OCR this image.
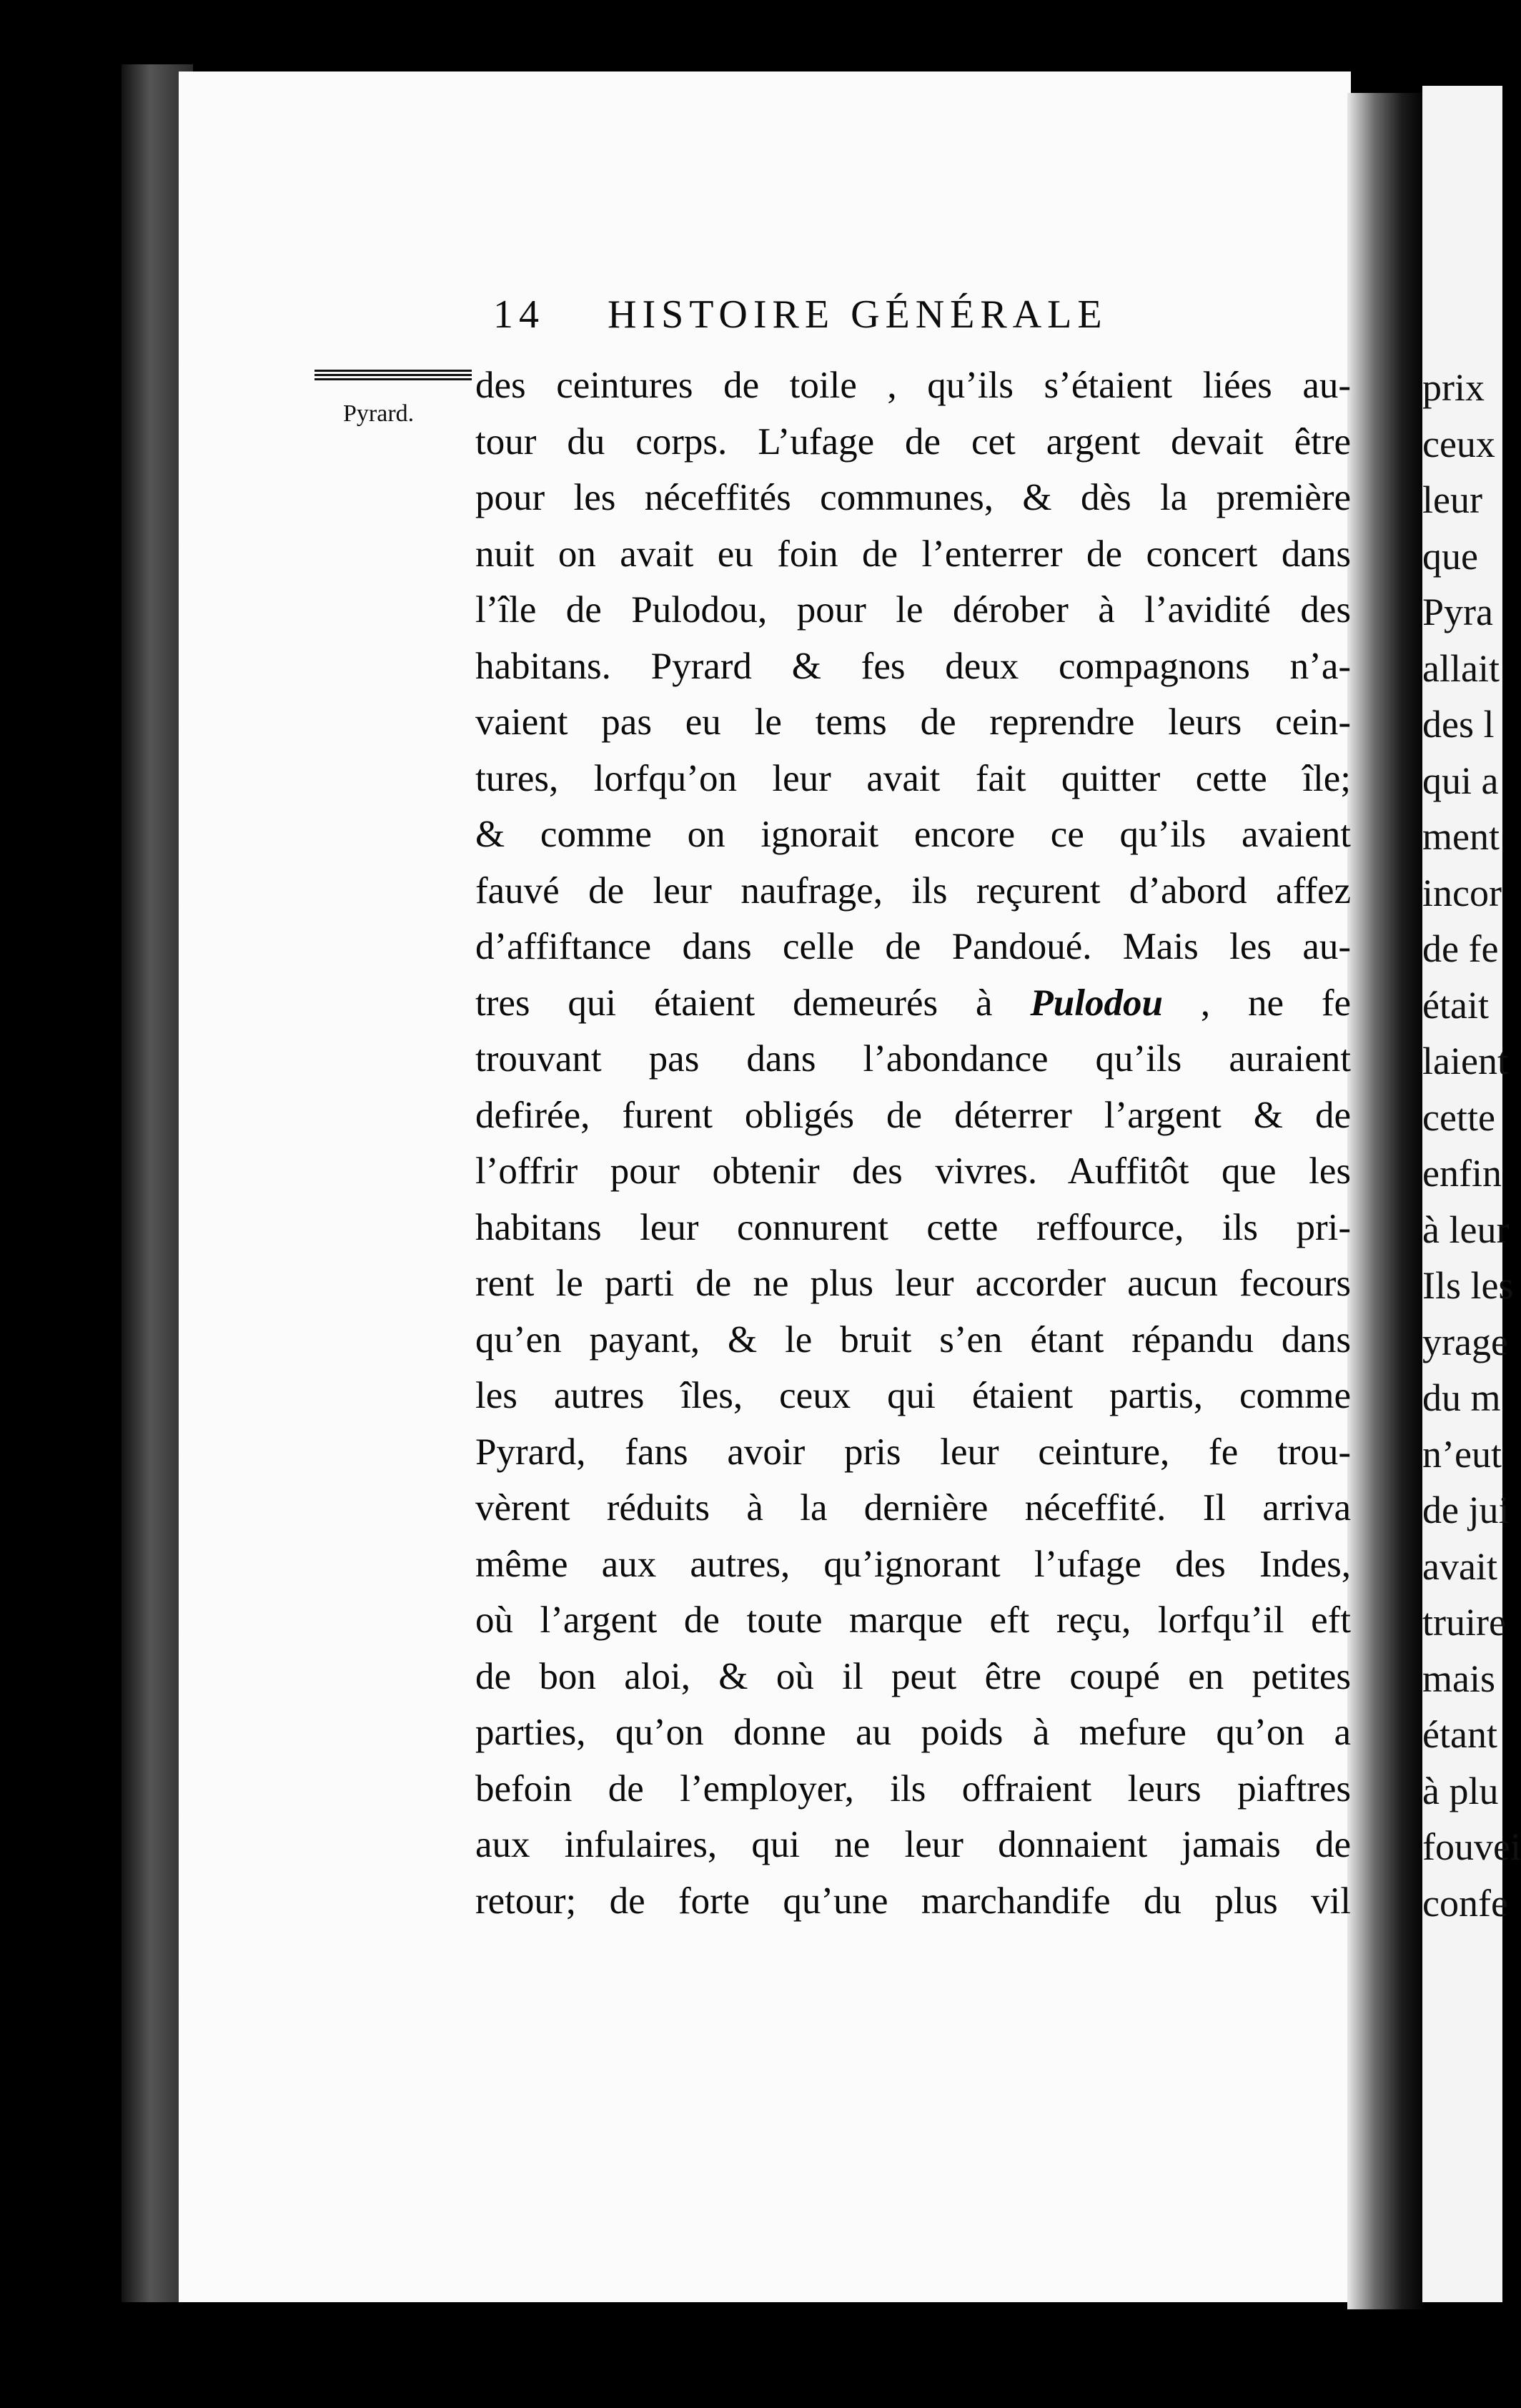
prix
ceux
leur
que
Pyra
allait
des l
qui a
ment
incor
de fe
était
laient
cette
enfin
à leur
Ils les
yrage
du m
n’eut
de jui
avait
truire
mais
étant
à plu
fouvei
confe
14 HISTOIRE GÉNÉRALE
Pyrard.
des ceintures de toile , qu’ils s’étaient liées au-
tour du corps. L’ufage de cet argent devait être
pour les néceffités communes, & dès la première
nuit on avait eu foin de l’enterrer de concert dans
l’île de Pulodou, pour le dérober à l’avidité des
habitans. Pyrard & fes deux compagnons n’a-
vaient pas eu le tems de reprendre leurs cein-
tures, lorfqu’on leur avait fait quitter cette île;
& comme on ignorait encore ce qu’ils avaient
fauvé de leur naufrage, ils reçurent d’abord affez
d’affiftance dans celle de Pandoué. Mais les au-
tres qui étaient demeurés à Pulodou , ne fe
trouvant pas dans l’abondance qu’ils auraient
defirée, furent obligés de déterrer l’argent & de
l’offrir pour obtenir des vivres. Auffitôt que les
habitans leur connurent cette reffource, ils pri-
rent le parti de ne plus leur accorder aucun fecours
qu’en payant, & le bruit s’en étant répandu dans
les autres îles, ceux qui étaient partis, comme
Pyrard, fans avoir pris leur ceinture, fe trou-
vèrent réduits à la dernière néceffité. Il arriva
même aux autres, qu’ignorant l’ufage des Indes,
où l’argent de toute marque eft reçu, lorfqu’il eft
de bon aloi, & où il peut être coupé en petites
parties, qu’on donne au poids à mefure qu’on a
befoin de l’employer, ils offraient leurs piaftres
aux infulaires, qui ne leur donnaient jamais de
retour; de forte qu’une marchandife du plus vil
